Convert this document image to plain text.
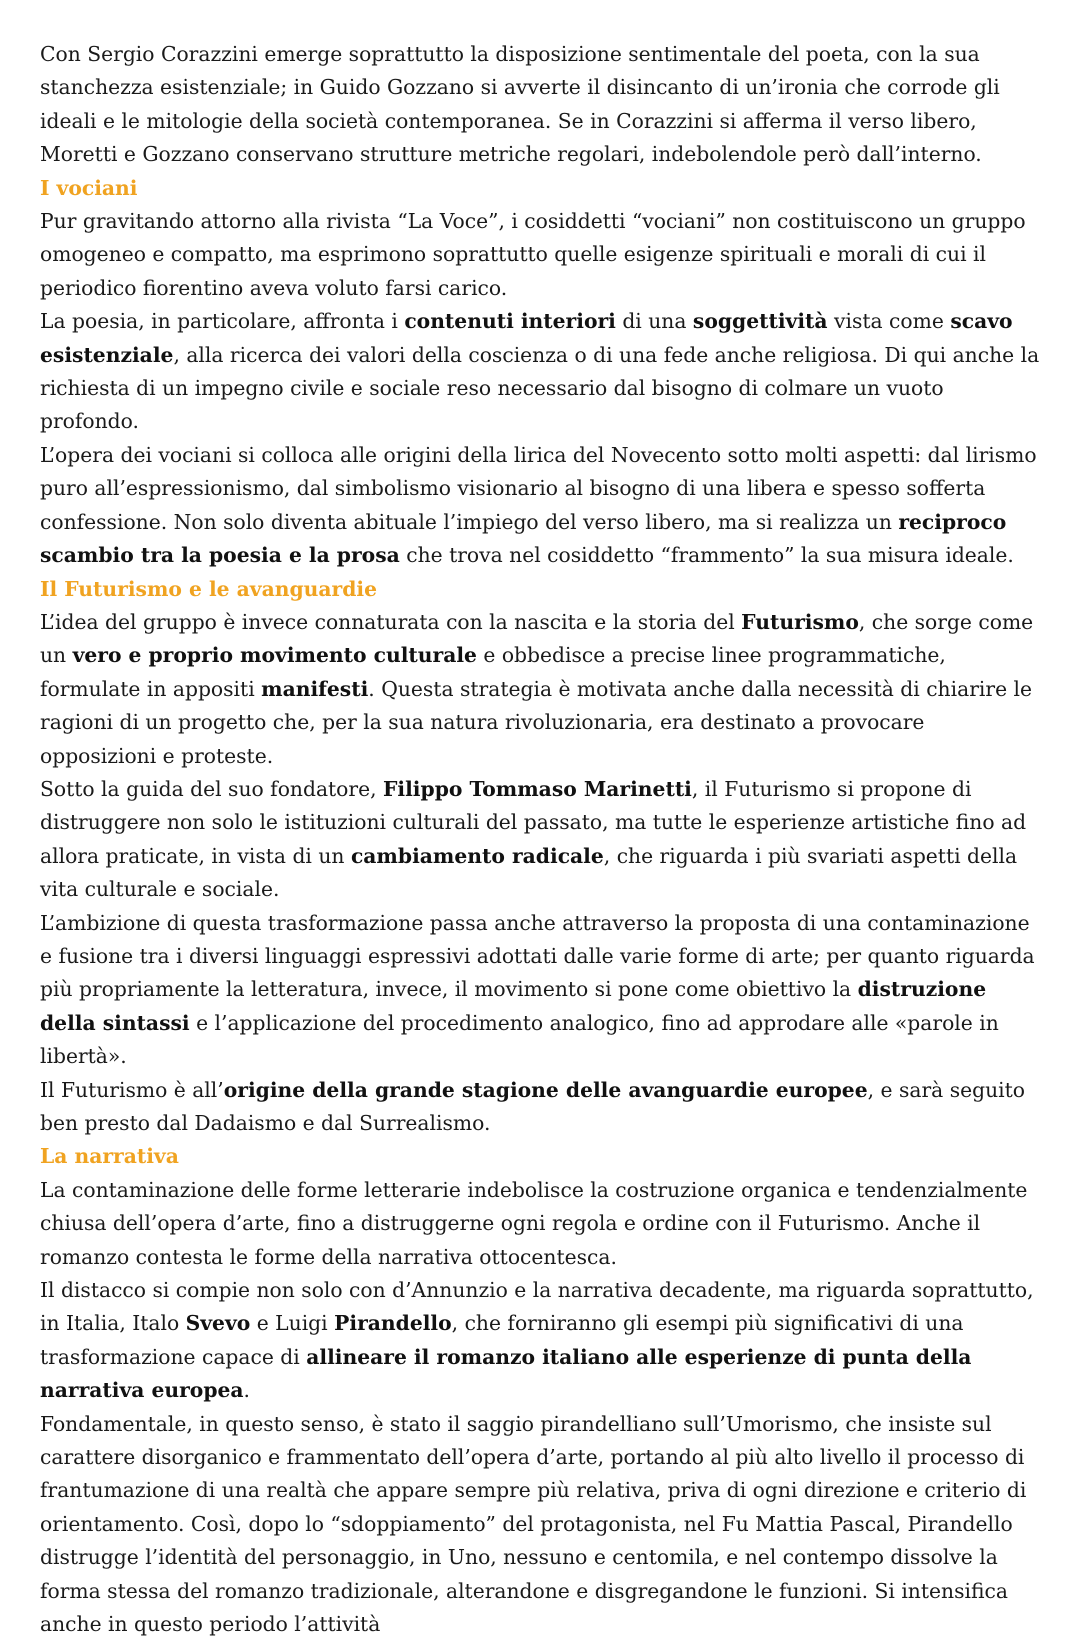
Con Sergio Corazzini emerge soprattutto la disposizione sentimentale del poeta, con la sua stanchezza esistenziale; in Guido Gozzano si avverte il disincanto di un’ironia che corrode gli ideali e le mitologie della società contemporanea. Se in Corazzini si afferma il verso libero, Moretti e Gozzano conservano strutture metriche regolari, indebolendole però dall’interno.

I vociani

Pur gravitando attorno alla rivista “La Voce”, i cosiddetti “vociani” non costituiscono un gruppo omogeneo e compatto, ma esprimono soprattutto quelle esigenze spirituali e morali di cui il periodico fiorentino aveva voluto farsi carico.

La poesia, in particolare, affronta i contenuti interiori di una soggettività vista come scavo esistenziale, alla ricerca dei valori della coscienza o di una fede anche religiosa. Di qui anche la richiesta di un impegno civile e sociale reso necessario dal bisogno di colmare un vuoto profondo.

L’opera dei vociani si colloca alle origini della lirica del Novecento sotto molti aspetti: dal lirismo puro all’espressionismo, dal simbolismo visionario al bisogno di una libera e spesso sofferta confessione. Non solo diventa abituale l’impiego del verso libero, ma si realizza un reciproco scambio tra la poesia e la prosa che trova nel cosiddetto “frammento” la sua misura ideale.

Il Futurismo e le avanguardie

L’idea del gruppo è invece connaturata con la nascita e la storia del Futurismo, che sorge come un vero e proprio movimento culturale e obbedisce a precise linee programmatiche, formulate in appositi manifesti. Questa strategia è motivata anche dalla necessità di chiarire le ragioni di un progetto che, per la sua natura rivoluzionaria, era destinato a provocare opposizioni e proteste.

Sotto la guida del suo fondatore, Filippo Tommaso Marinetti, il Futurismo si propone di distruggere non solo le istituzioni culturali del passato, ma tutte le esperienze artistiche fino ad allora praticate, in vista di un cambiamento radicale, che riguarda i più svariati aspetti della vita culturale e sociale.

L’ambizione di questa trasformazione passa anche attraverso la proposta di una contaminazione e fusione tra i diversi linguaggi espressivi adottati dalle varie forme di arte; per quanto riguarda più propriamente la letteratura, invece, il movimento si pone come obiettivo la distruzione della sintassi e l’applicazione del procedimento analogico, fino ad approdare alle «parole in libertà».

Il Futurismo è all’origine della grande stagione delle avanguardie europee, e sarà seguito ben presto dal Dadaismo e dal Surrealismo.

La narrativa

La contaminazione delle forme letterarie indebolisce la costruzione organica e tendenzialmente chiusa dell’opera d’arte, fino a distruggerne ogni regola e ordine con il Futurismo. Anche il romanzo contesta le forme della narrativa ottocentesca.

Il distacco si compie non solo con d’Annunzio e la narrativa decadente, ma riguarda soprattutto, in Italia, Italo Svevo e Luigi Pirandello, che forniranno gli esempi più significativi di una trasformazione capace di allineare il romanzo italiano alle esperienze di punta della narrativa europea.

Fondamentale, in questo senso, è stato il saggio pirandelliano sull’Umorismo, che insiste sul carattere disorganico e frammentato dell’opera d’arte, portando al più alto livello il processo di frantumazione di una realtà che appare sempre più relativa, priva di ogni direzione e criterio di orientamento. Così, dopo lo “sdoppiamento” del protagonista, nel Fu Mattia Pascal, Pirandello distrugge l’identità del personaggio, in Uno, nessuno e centomila, e nel contempo dissolve la forma stessa del romanzo tradizionale, alterandone e disgregandone le funzioni. Si intensifica anche in questo periodo l’attività
